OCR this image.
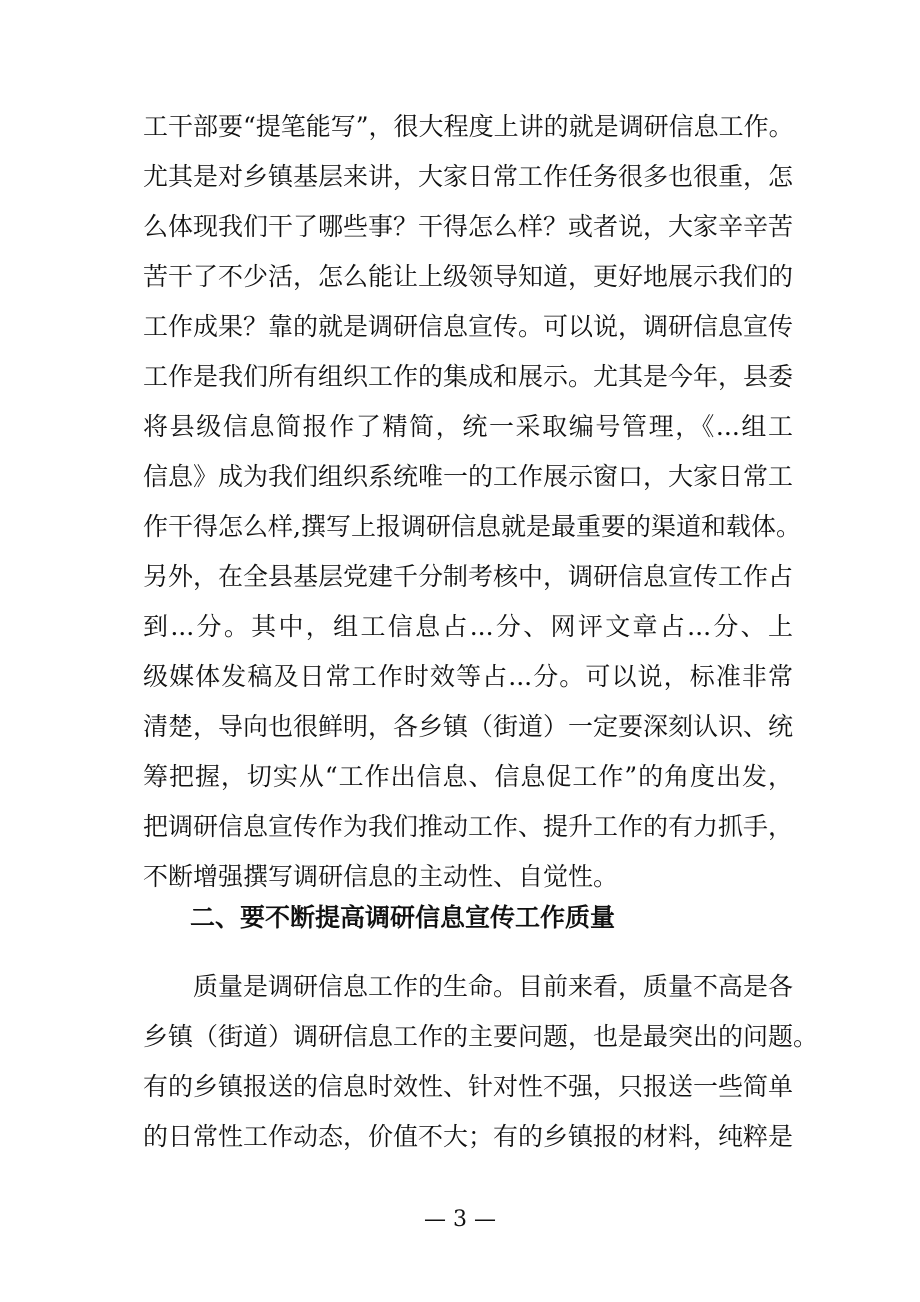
工干部要“提笔能写”，很大程度上讲的就是调研信息工作。
尤其是对乡镇基层来讲，大家日常工作任务很多也很重，怎
么体现我们干了哪些事？干得怎么样？或者说，大家辛辛苦
苦干了不少活，怎么能让上级领导知道，更好地展示我们的
工作成果？靠的就是调研信息宣传。可以说，调研信息宣传
工作是我们所有组织工作的集成和展示。尤其是今年，县委
将县级信息简报作了精简，统一采取编号管理，《...组工
信息》成为我们组织系统唯一的工作展示窗口，大家日常工
作干得怎么样,撰写上报调研信息就是最重要的渠道和载体。
另外，在全县基层党建千分制考核中，调研信息宣传工作占
到...分。其中，组工信息占...分、网评文章占...分、上
级媒体发稿及日常工作时效等占...分。可以说，标准非常
清楚，导向也很鲜明，各乡镇（街道）一定要深刻认识、统
筹把握，切实从“工作出信息、信息促工作”的角度出发，
把调研信息宣传作为我们推动工作、提升工作的有力抓手，
不断增强撰写调研信息的主动性、自觉性。
二、要不断提高调研信息宣传工作质量
质量是调研信息工作的生命。目前来看，质量不高是各
乡镇（街道）调研信息工作的主要问题，也是最突出的问题。
有的乡镇报送的信息时效性、针对性不强，只报送一些简单
的日常性工作动态，价值不大；有的乡镇报的材料，纯粹是
— 3 —
